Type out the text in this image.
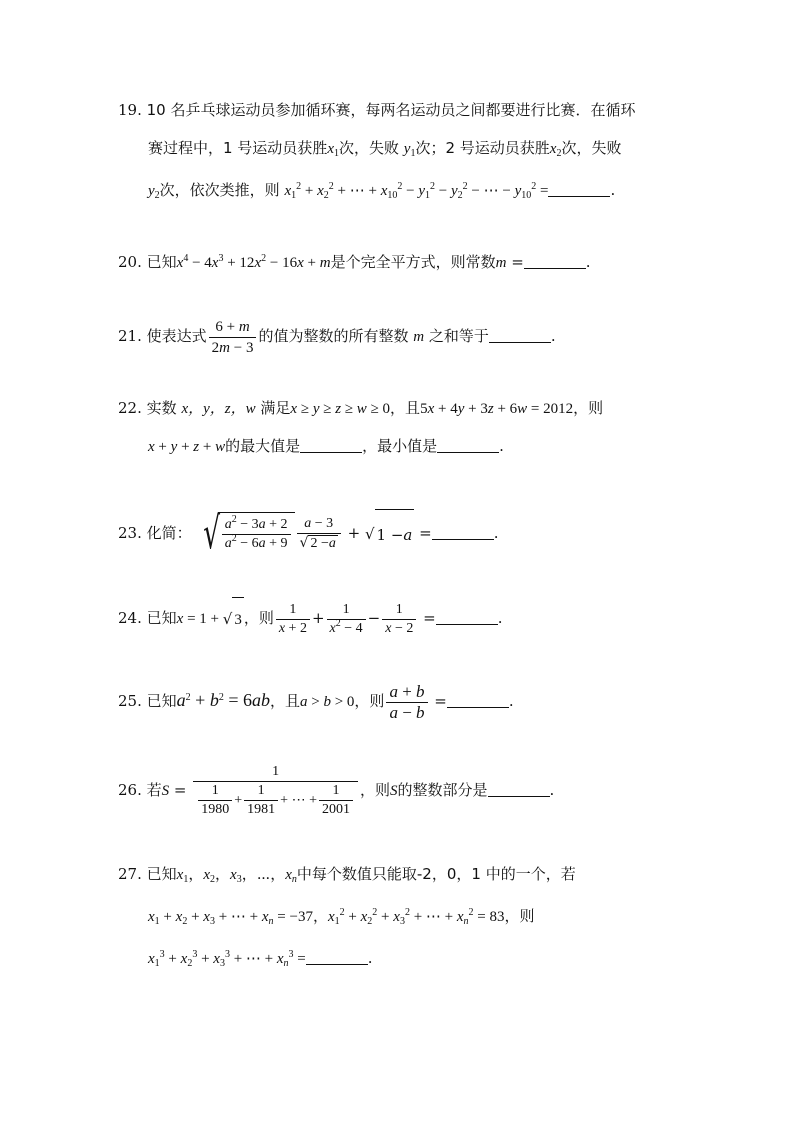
19. 10 名乒乓球运动员参加循环赛，每两名运动员之间都要进行比赛．在循环
赛过程中，1 号运动员获胜$x_1$次，失败 $y_1$次；2 号运动员获胜$x_2$次，失败
$y_2$次，依次类推，则 $x_1^2 + x_2^2$ + ⋯ + $x_{10}^2 - y_1^2 - y_2^2$ − ⋯ − $y_{10}^2$ =	.
20. 已知$x^4 - 4x^3 + 12x^2 - 16x + m$是个完全平方式，则常数m =	.
21. 使表达式 $\frac{6 + m}{2m - 3}$ 的值为整数的所有整数 m 之和等于	.
22. 实数 x，y，z，w 满足x ≥ y ≥ z ≥ w ≥ 0，且5x + 4y + 3z + 6w = 2012，则
x + y + z + w的最大值是	，最小值是	.
23. 化简： √ $\frac{a^2 - 3a + 2}{a^2 - 6a + 9} \frac{a - 3}{√ 2 - a}$ + √ 1 − a =	.
24. 已知x = 1 + √ 3 ，则 $\frac{1}{x + 2} + \frac{1}{x^2 - 4} - \frac{1}{x - 2}$ =	.
25. 已知$a^2 + b^2 = 6ab$，且a > b > 0，则 $\frac{a + b}{a - b}$ =	.
26. 若$S = \frac{1}{\frac{1}{1980} + \frac{1}{1981} + \cdots + \frac{1}{2001}}$ ，则S的整数部分是	.
27. 已知$x_1$，$x_2$，$x_3$，⋯，$x_n$中每个数值只能取-2，0，1 中的一个，若
$x_1 + x_2 + x_3$ + ⋯ + $x_n = -37$，$x_1^2 + x_2^2 + x_3^2$ + ⋯ + $x_n^2 = 83$，则
$x_1^3 + x_2^3 + x_3^3$ + ⋯ + $x_n^3$ =	.
